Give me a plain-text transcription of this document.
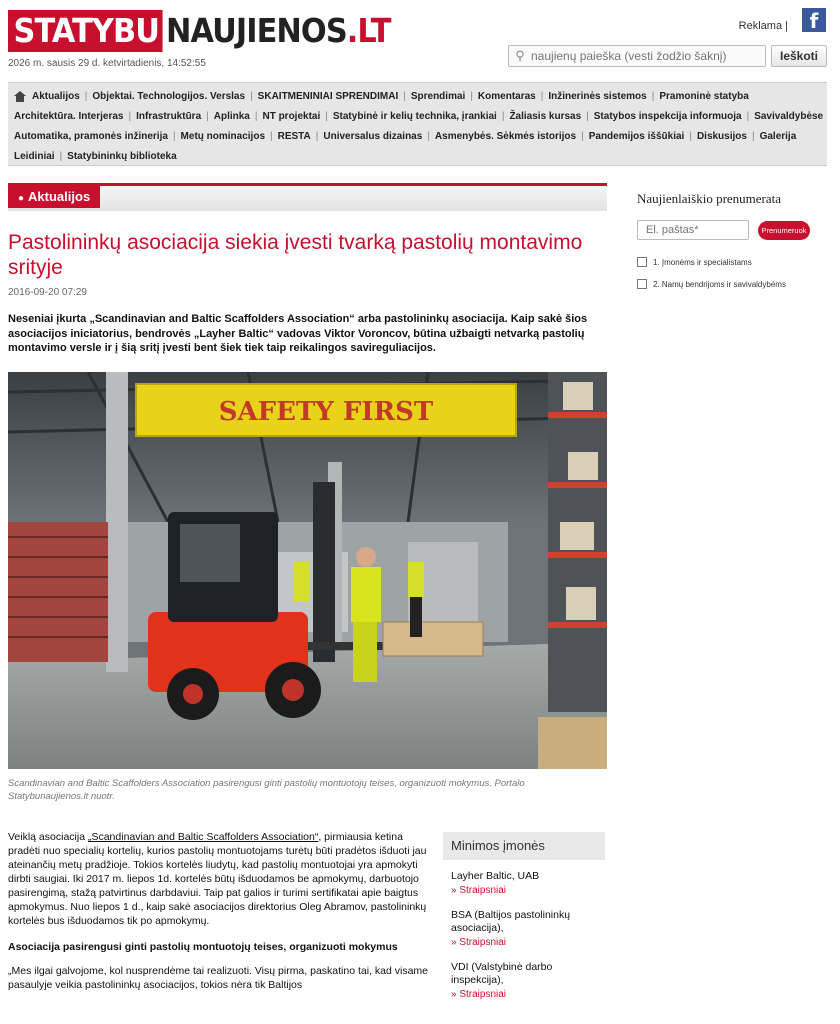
STATYBU NAUJIENOS.LT
2026 m. sausis 29 d. ketvirtadienis, 14:52:55
Reklama |	f
⚲
naujienų paieška (vesti žodžio šaknį)	Ieškoti
Aktualijos	| Objektai. Technologijos. Verslas	| SKAITMENINIAI SPRENDIMAI	| Sprendimai	| Komentaras	| Inžinerinės sistemos	| Pramoninė statyba
Architektūra. Interjeras	| Infrastruktūra	| Aplinka	| NT projektai	| Statybinė ir kelių technika, įrankiai	| Žaliasis kursas	| Statybos inspekcija informuoja	| Savivaldybėse
Automatika, pramonės inžinerija	| Metų nominacijos	| RESTA	| Universalus dizainas	| Asmenybės. Sėkmės istorijos	| Pandemijos iššūkiai	| Diskusijos	| Galerija
Leidiniai	| Statybininkų biblioteka
● Aktualijos
Pastolininkų asociacija siekia įvesti tvarką pastolių montavimo srityje
2016-09-20 07:29

Neseniai įkurta „Scandinavian and Baltic Scaffolders Association“ arba pastolininkų asociacija. Kaip sakė šios asociacijos iniciatorius, bendrovės „Layher Baltic“ vadovas Viktor Voroncov, būtina užbaigti netvarką pastolių montavimo versle ir į šią sritį įvesti bent šiek tiek taip reikalingos savireguliacijos.

SAFETY FIRST
Scandinavian and Baltic Scaffolders Association pasirengusi ginti pastolių montuotojų teises, organizuoti mokymus. Portalo Statybunaujienos.lt nuotr.

Veiklą asociacija „Scandinavian and Baltic Scaffolders Association“, pirmiausia ketina pradėti nuo specialių kortelių, kurios pastolių montuotojams turėtų būti pradėtos išduoti jau ateinančių metų pradžioje. Tokios kortelės liudytų, kad pastolių montuotojai yra apmokyti dirbti saugiai. Iki 2017 m. liepos 1d. kortelės būtų išduodamos be apmokymų, darbuotojo pasirengimą, stažą patvirtinus darbdaviui. Taip pat galios ir turimi sertifikatai apie baigtus apmokymus. Nuo liepos 1 d., kaip sakė asociacijos direktorius Oleg Abramov, pastolininkų kortelės bus išduodamos tik po apmokymų.

Asociacija pasirengusi ginti pastolių montuotojų teises, organizuoti mokymus

„Mes ilgai galvojome, kol nusprendėme tai realizuoti. Visų pirma, paskatino tai, kad visame pasaulyje veikia pastolininkų asociacijos, tokios nėra tik Baltijos

Minimos įmonės
Layher Baltic, UAB
» Straipsniai
BSA (Baltijos pastolininkų asociacija),
» Straipsniai
VDI (Valstybinė darbo inspekcija),
» Straipsniai
Naujienlaiškio prenumerata
El. paštas*
Prenumeruok
1. Įmonėms ir specialistams
2. Namų bendrijoms ir savivaldybėms
